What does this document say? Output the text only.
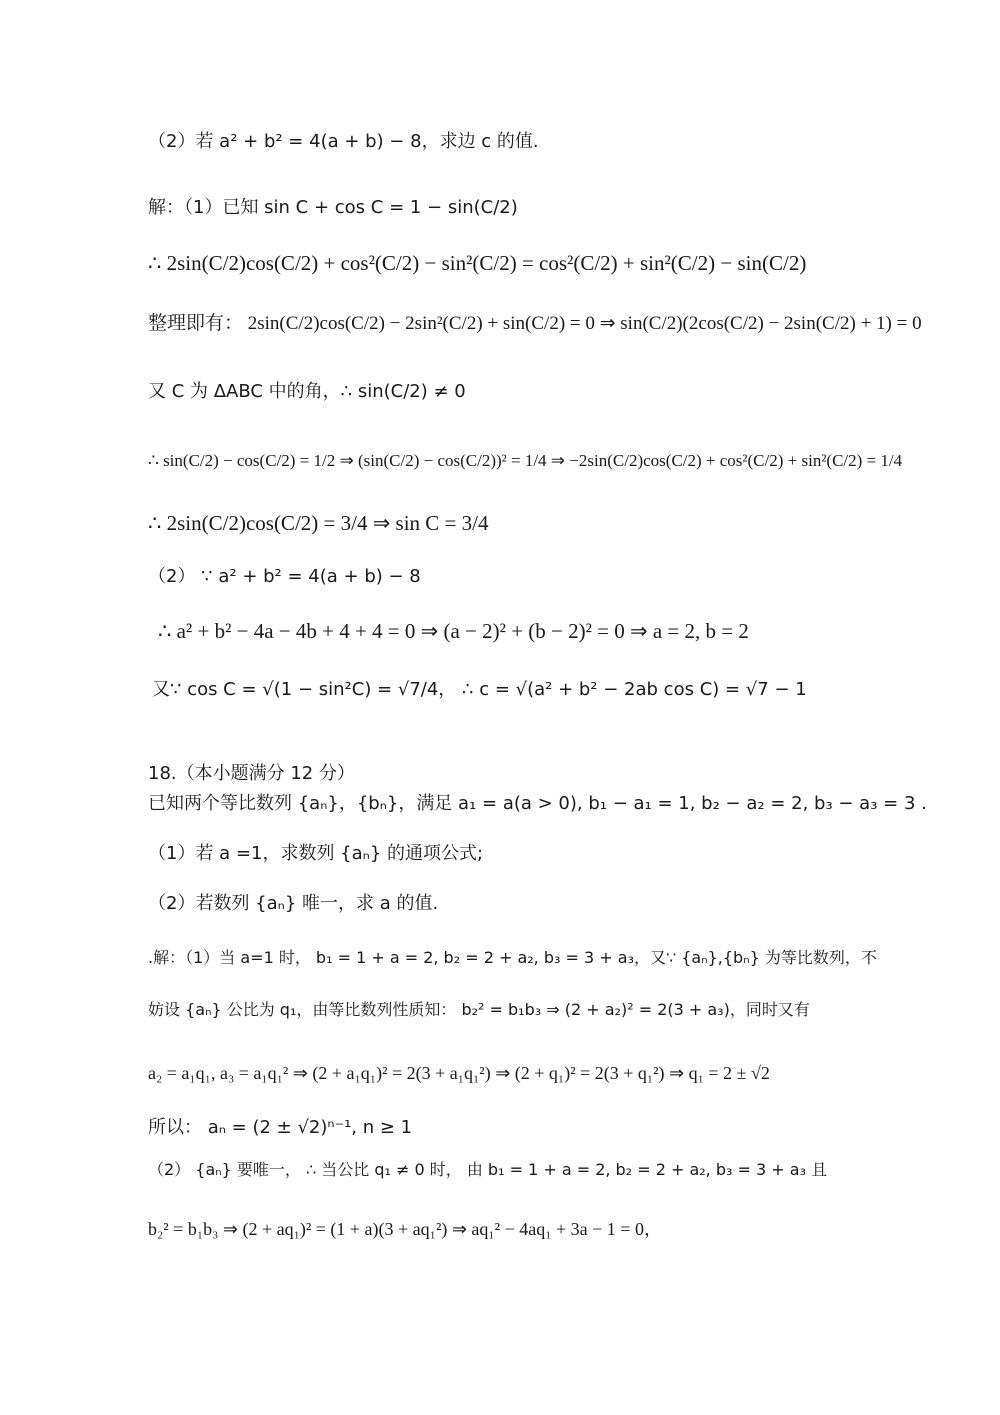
（2）若 a² + b² = 4(a + b) − 8，求边 c 的值.
解：（1）已知 sin C + cos C = 1 − sin(C/2)
∴ 2sin(C/2)cos(C/2) + cos²(C/2) − sin²(C/2) = cos²(C/2) + sin²(C/2) − sin(C/2)
整理即有： 2sin(C/2)cos(C/2) − 2sin²(C/2) + sin(C/2) = 0 ⇒ sin(C/2)(2cos(C/2) − 2sin(C/2) + 1) = 0
又 C 为 ΔABC 中的角，∴ sin(C/2) ≠ 0
∴ sin(C/2) − cos(C/2) = 1/2 ⇒ (sin(C/2) − cos(C/2))² = 1/4 ⇒ −2sin(C/2)cos(C/2) + cos²(C/2) + sin²(C/2) = 1/4
∴ 2sin(C/2)cos(C/2) = 3/4 ⇒ sin C = 3/4
（2） ∵ a² + b² = 4(a + b) − 8
∴ a² + b² − 4a − 4b + 4 + 4 = 0 ⇒ (a − 2)² + (b − 2)² = 0 ⇒ a = 2, b = 2
又∵ cos C = √(1 − sin²C) = √7/4， ∴ c = √(a² + b² − 2ab cos C) = √7 − 1
18.（本小题满分 12 分）
已知两个等比数列 {aₙ}，{bₙ}，满足 a₁ = a(a > 0), b₁ − a₁ = 1, b₂ − a₂ = 2, b₃ − a₃ = 3 .
（1）若 a =1，求数列 {aₙ} 的通项公式;
（2）若数列 {aₙ} 唯一，求 a 的值.
.解：（1）当 a=1 时， b₁ = 1 + a = 2, b₂ = 2 + a₂, b₃ = 3 + a₃，又∵ {aₙ},{bₙ} 为等比数列，不
妨设 {aₙ} 公比为 q₁，由等比数列性质知： b₂² = b₁b₃ ⇒ (2 + a₂)² = 2(3 + a₃)，同时又有
a₂ = a₁q₁, a₃ = a₁q₁² ⇒ (2 + a₁q₁)² = 2(3 + a₁q₁²) ⇒ (2 + q₁)² = 2(3 + q₁²) ⇒ q₁ = 2 ± √2
所以： aₙ = (2 ± √2)ⁿ⁻¹, n ≥ 1
（2） {aₙ} 要唯一， ∴ 当公比 q₁ ≠ 0 时， 由 b₁ = 1 + a = 2, b₂ = 2 + a₂, b₃ = 3 + a₃ 且
b₂² = b₁b₃ ⇒ (2 + aq₁)² = (1 + a)(3 + aq₁²) ⇒ aq₁² − 4aq₁ + 3a − 1 = 0，
